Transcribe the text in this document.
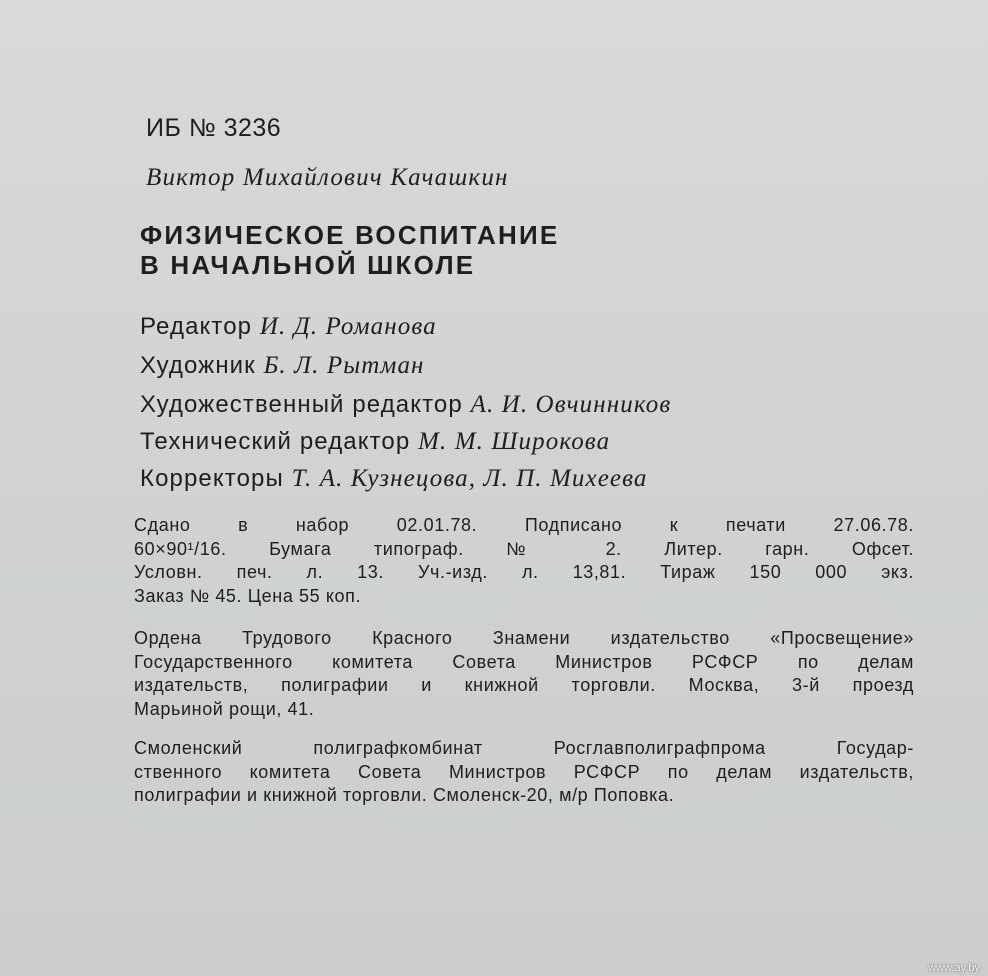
ИБ № 3236
Виктор Михайлович Качашкин
ФИЗИЧЕСКОЕ ВОСПИТАНИЕ
В НАЧАЛЬНОЙ ШКОЛЕ
Редактор И. Д. Романова
Художник Б. Л. Рытман
Художественный редактор А. И. Овчинников
Технический редактор М. М. Широкова
Корректоры Т. А. Кузнецова, Л. П. Михеева
Сдано в набор 02.01.78. Подписано к печати 27.06.78.
60×90¹/16. Бумага типограф. № 2. Литер. гарн. Офсет.
Условн. печ. л. 13. Уч.-изд. л. 13,81. Тираж 150 000 экз.
Заказ № 45. Цена 55 коп.
Ордена Трудового Красного Знамени издательство «Просвещение»
Государственного комитета Совета Министров РСФСР по делам
издательств, полиграфии и книжной торговли. Москва, 3-й проезд
Марьиной рощи, 41.
Смоленский полиграфкомбинат Росглавполиграфпрома Государ-
ственного комитета Совета Министров РСФСР по делам издательств,
полиграфии и книжной торговли. Смоленск-20, м/р Поповка.
www.ay.by
